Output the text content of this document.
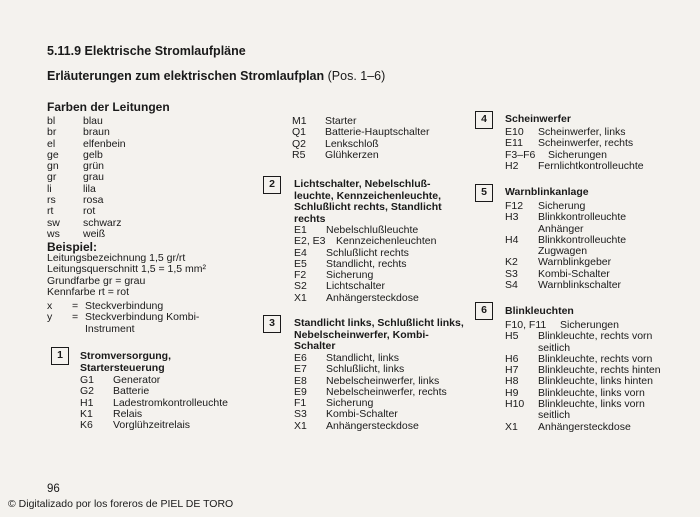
5.11.9 Elektrische Stromlaufpläne
Erläuterungen zum elektrischen Stromlaufplan (Pos. 1–6)
Farben der Leitungen
bl	blau
br	braun
el	elfenbein
ge gelb
gn grün
gr	grau
li	lila
rs	rosa
rt	rot
sw schwarz
ws weiß
Beispiel:
Leitungsbezeichnung 1,5 gr/rt
Leitungsquerschnitt 1,5 = 1,5 mm²
Grundfarbe gr = grau
Kennfarbe rt = rot
x = Steckverbindung
y = Steckverbindung Kombi-
Instrument
1	Stromversorgung,
Startersteuerung
G1 Generator
G2 Batterie
H1 Ladestromkontrolleuchte
K1 Relais
K6 Vorglühzeitrelais
M1 Starter
Q1 Batterie-Hauptschalter
Q2 Lenkschloß
R5 Glühkerzen
2	Lichtschalter, Nebelschluß-
leuchte, Kennzeichenleuchte,
Schlußlicht rechts, Standlicht
rechts
E1 Nebelschlußleuchte
E2, E3 Kennzeichenleuchten
E4 Schlußlicht rechts
E5 Standlicht, rechts
F2 Sicherung
S2 Lichtschalter
X1 Anhängersteckdose
3	Standlicht links, Schlußlicht links,
Nebelscheinwerfer, Kombi-
Schalter
E6 Standlicht, links
E7 Schlußlicht, links
E8 Nebelscheinwerfer, links
E9 Nebelscheinwerfer, rechts
F1 Sicherung
S3 Kombi-Schalter
X1 Anhängersteckdose
4	Scheinwerfer
E10 Scheinwerfer, links
E11 Scheinwerfer, rechts
F3–F6 Sicherungen
H2 Fernlichtkontrolleuchte
5	Warnblinkanlage
F12 Sicherung
H3 Blinkkontrolleuchte
Anhänger
H4 Blinkkontrolleuchte
Zugwagen
K2 Warnblinkgeber
S3 Kombi-Schalter
S4 Warnblinkschalter
6	Blinkleuchten
F10, F11 Sicherungen
H5 Blinkleuchte, rechts vorn
seitlich
H6 Blinkleuchte, rechts vorn
H7 Blinkleuchte, rechts hinten
H8 Blinkleuchte, links hinten
H9 Blinkleuchte, links vorn
H10 Blinkleuchte, links vorn
seitlich
X1 Anhängersteckdose
96
© Digitalizado por los foreros de PIEL DE TORO
